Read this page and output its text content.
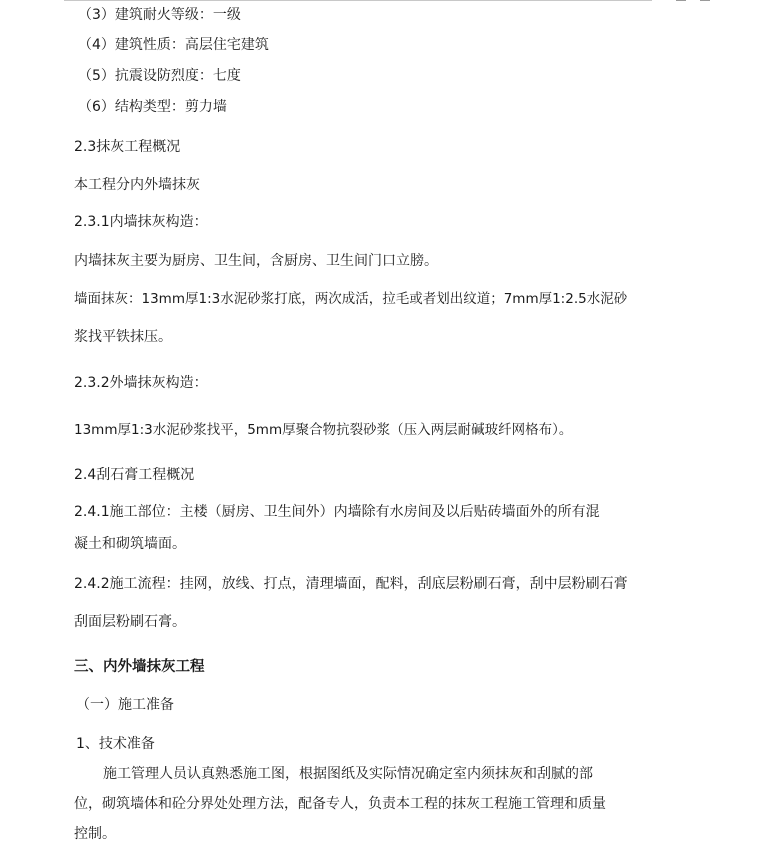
（3）建筑耐火等级：一级
（4）建筑性质：高层住宅建筑
（5）抗震设防烈度：七度
（6）结构类型：剪力墙
2.3抹灰工程概况
本工程分内外墙抹灰
2.3.1内墙抹灰构造：
内墙抹灰主要为厨房、卫生间，含厨房、卫生间门口立膀。
墙面抹灰：13mm厚1:3水泥砂浆打底，两次成活，拉毛或者划出纹道；7mm厚1:2.5水泥砂
浆找平铁抹压。
2.3.2外墙抹灰构造：
13mm厚1:3水泥砂浆找平，5mm厚聚合物抗裂砂浆（压入两层耐碱玻纤网格布）。
2.4刮石膏工程概况
2.4.1施工部位：主楼（厨房、卫生间外）内墙除有水房间及以后贴砖墙面外的所有混
凝土和砌筑墙面。
2.4.2施工流程：挂网，放线、打点，清理墙面，配料，刮底层粉刷石膏，刮中层粉刷石膏
刮面层粉刷石膏。
三、内外墙抹灰工程
（一）施工准备
1、技术准备
施工管理人员认真熟悉施工图，根据图纸及实际情况确定室内须抹灰和刮腻的部
位，砌筑墙体和砼分界处处理方法，配备专人，负责本工程的抹灰工程施工管理和质量
控制。
